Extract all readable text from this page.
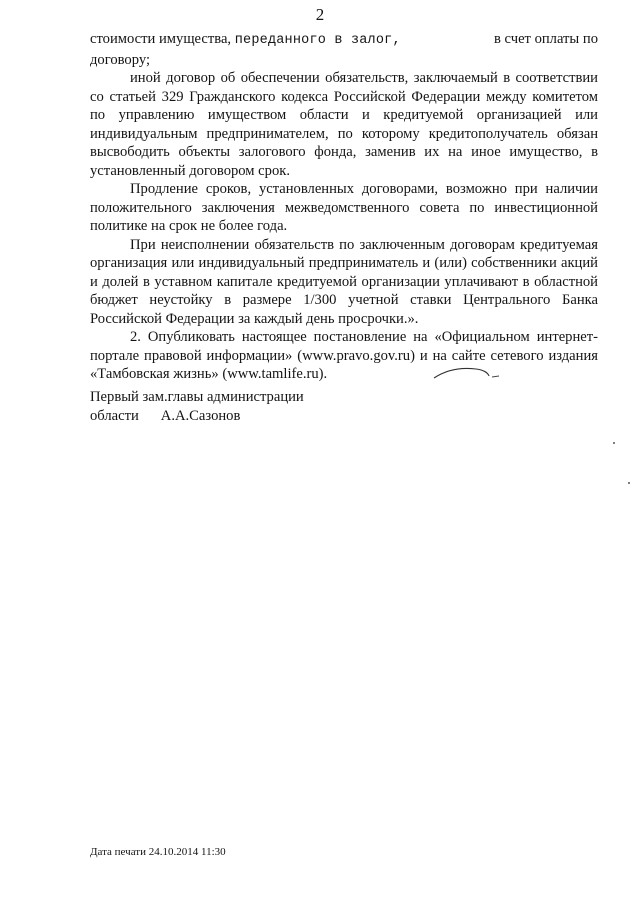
2

стоимости имущества, переданного в залог,	в счет оплаты по

договору;

иной договор об обеспечении обязательств, заключаемый в соответствии со статьей 329 Гражданского кодекса Российской Федерации между комитетом по управлению имуществом области и кредитуемой организацией или индивидуальным предпринимателем, по которому кредитополучатель обязан высвободить объекты залогового фонда, заменив их на иное имущество, в установленный договором срок.

Продление сроков, установленных договорами, возможно при наличии положительного заключения межведомственного совета по инвестиционной политике на срок не более года.

При неисполнении обязательств по заключенным договорам кредитуемая организация или индивидуальный предприниматель и (или) собственники акций и долей в уставном капитале кредитуемой организации уплачивают в областной бюджет неустойку в размере 1/300 учетной ставки Центрального Банка Российской Федерации за каждый день просрочки.».

2. Опубликовать настоящее постановление на «Официальном интернет-портале правовой информации» (www.pravo.gov.ru) и на сайте сетевого издания «Тамбовская жизнь» (www.tamlife.ru).

Первый зам.главы администрации
области А.А.Сазонов
Дата печати 24.10.2014 11:30
